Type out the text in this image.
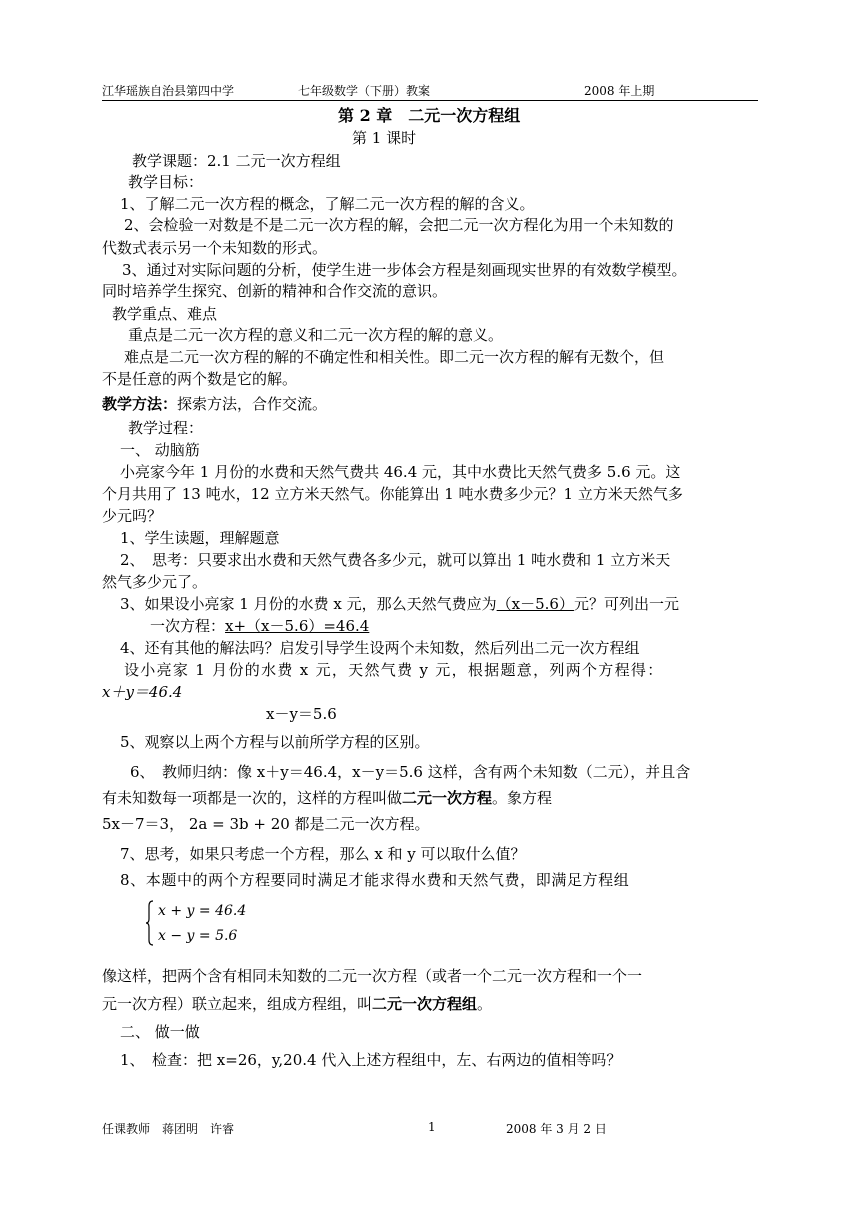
江华瑶族自治县第四中学	七年级数学（下册）教案	2008 年上期
第 2 章　二元一次方程组
第 1 课时
教学课题：2.1 二元一次方程组
教学目标：
1、了解二元一次方程的概念，了解二元一次方程的解的含义。
2、会检验一对数是不是二元一次方程的解，会把二元一次方程化为用一个未知数的
代数式表示另一个未知数的形式。
3、通过对实际问题的分析，使学生进一步体会方程是刻画现实世界的有效数学模型。
同时培养学生探究、创新的精神和合作交流的意识。
教学重点、难点
重点是二元一次方程的意义和二元一次方程的解的意义。
难点是二元一次方程的解的不确定性和相关性。即二元一次方程的解有无数个，但
不是任意的两个数是它的解。
教学方法：探索方法，合作交流。
教学过程：
一、 动脑筋
小亮家今年 1 月份的水费和天然气费共 46.4 元，其中水费比天然气费多 5.6 元。这
个月共用了 13 吨水，12 立方米天然气。你能算出 1 吨水费多少元？1 立方米天然气多
少元吗？
1、学生读题，理解题意
2、　思考：只要求出水费和天然气费各多少元，就可以算出 1 吨水费和 1 立方米天
然气多少元了。
3、如果设小亮家 1 月份的水费 x 元，那么天然气费应为（x－5.6）元？可列出一元
一次方程：x+（x－5.6）=46.4
4、还有其他的解法吗？启发引导学生设两个未知数，然后列出二元一次方程组
设小亮家 1 月份的水费 x 元，天然气费 y 元，根据题意，列两个方程得：
x＋y＝46.4
x－y＝5.6
5、观察以上两个方程与以前所学方程的区别。
6、　教师归纳：像 x＋y＝46.4，x－y＝5.6 这样，含有两个未知数（二元），并且含
有未知数每一项都是一次的，这样的方程叫做二元一次方程。象方程
5x－7＝3， 2a = 3b + 20 都是二元一次方程。
7、思考，如果只考虑一个方程，那么 x 和 y 可以取什么值？
8、本题中的两个方程要同时满足才能求得水费和天然气费，即满足方程组
x + y = 46.4
x − y = 5.6
像这样，把两个含有相同未知数的二元一次方程（或者一个二元一次方程和一个一
元一次方程）联立起来，组成方程组，叫二元一次方程组。
二、 做一做
1、　检查：把 x=26，y,20.4 代入上述方程组中，左、右两边的值相等吗？
任课教师　蒋团明　许睿	1	2008 年 3 月 2 日
